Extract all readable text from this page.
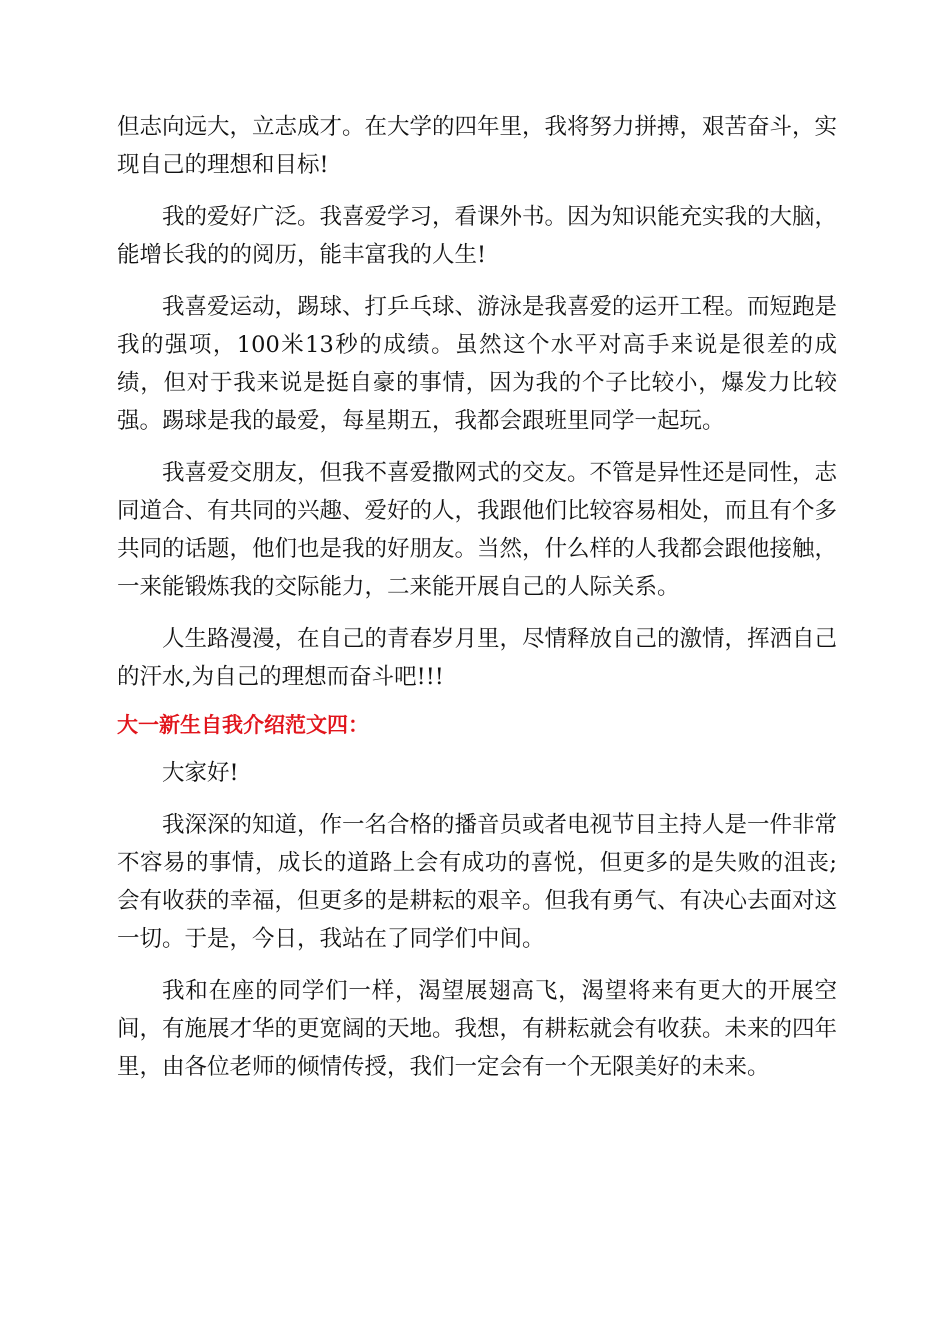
但志向远大，立志成才。在大学的四年里，我将努力拼搏，艰苦奋斗，实现自己的理想和目标!

我的爱好广泛。我喜爱学习，看课外书。因为知识能充实我的大脑，能增长我的的阅历，能丰富我的人生!

我喜爱运动，踢球、打乒乓球、游泳是我喜爱的运开工程。而短跑是我的强项，100米13秒的成绩。虽然这个水平对高手来说是很差的成绩，但对于我来说是挺自豪的事情，因为我的个子比较小，爆发力比较强。踢球是我的最爱，每星期五，我都会跟班里同学一起玩。

我喜爱交朋友，但我不喜爱撒网式的交友。不管是异性还是同性，志同道合、有共同的兴趣、爱好的人，我跟他们比较容易相处，而且有个多共同的话题，他们也是我的好朋友。当然，什么样的人我都会跟他接触，一来能锻炼我的交际能力，二来能开展自己的人际关系。

人生路漫漫，在自己的青春岁月里，尽情释放自己的激情，挥洒自己的汗水,为自己的理想而奋斗吧!!!

大一新生自我介绍范文四：

大家好!

我深深的知道，作一名合格的播音员或者电视节目主持人是一件非常不容易的事情，成长的道路上会有成功的喜悦，但更多的是失败的沮丧;会有收获的幸福，但更多的是耕耘的艰辛。但我有勇气、有决心去面对这一切。于是，今日，我站在了同学们中间。

我和在座的同学们一样，渴望展翅高飞，渴望将来有更大的开展空间，有施展才华的更宽阔的天地。我想，有耕耘就会有收获。未来的四年里，由各位老师的倾情传授，我们一定会有一个无限美好的未来。
